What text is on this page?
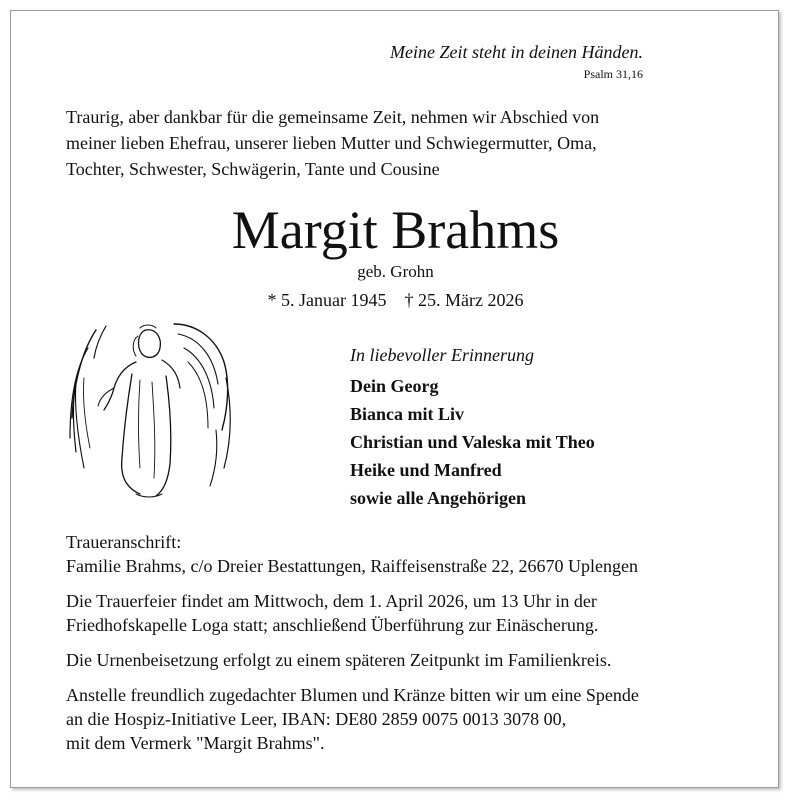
Meine Zeit steht in deinen Händen.
Psalm 31,16
Traurig, aber dankbar für die gemeinsame Zeit, nehmen wir Abschied von
meiner lieben Ehefrau, unserer lieben Mutter und Schwiegermutter, Oma,
Tochter, Schwester, Schwägerin, Tante und Cousine
Margit Brahms
geb. Grohn
* 5. Januar 1945 † 25. März 2026
In liebevoller Erinnerung
Dein Georg
Bianca mit Liv
Christian und Valeska mit Theo
Heike und Manfred
sowie alle Angehörigen
Traueranschrift:
Familie Brahms, c/o Dreier Bestattungen, Raiffeisenstraße 22, 26670 Uplengen
Die Trauerfeier findet am Mittwoch, dem 1. April 2026, um 13 Uhr in der
Friedhofskapelle Loga statt; anschließend Überführung zur Einäscherung.
Die Urnenbeisetzung erfolgt zu einem späteren Zeitpunkt im Familienkreis.
Anstelle freundlich zugedachter Blumen und Kränze bitten wir um eine Spende
an die Hospiz-Initiative Leer, IBAN: DE80 2859 0075 0013 3078 00,
mit dem Vermerk "Margit Brahms".
